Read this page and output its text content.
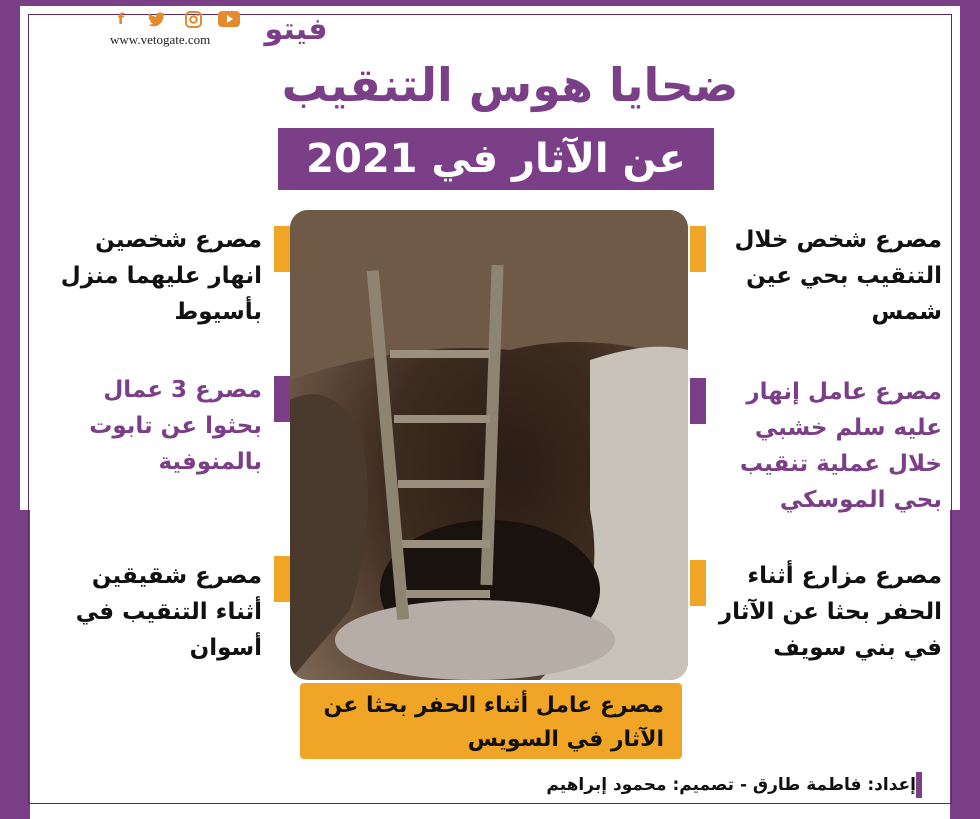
f
www.vetogate.com فيتو
ضحايا هوس التنقيب
عن الآثار في 2021
مصرع عامل أثناء الحفر بحثا عن الآثار في السويس
مصرع شخص خلال التنقيب بحي عين شمس
مصرع عامل إنهار عليه سلم خشبي خلال عملية تنقيب بحي الموسكي
مصرع مزارع أثناء الحفر بحثا عن الآثار في بني سويف
مصرع شخصين انهار عليهما منزل بأسيوط
مصرع 3 عمال بحثوا عن تابوت بالمنوفية
مصرع شقيقين أثناء التنقيب في أسوان
إعداد: فاطمة طارق - تصميم: محمود إبراهيم
